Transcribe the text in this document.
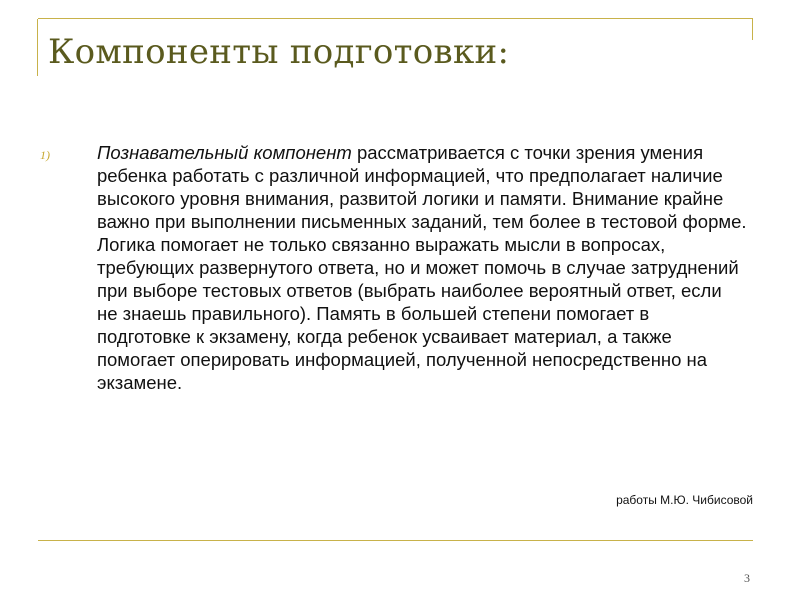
Компоненты подготовки:
1)	Познавательный компонент рассматривается с точки зрения умения ребенка работать с различной информацией, что предполагает наличие высокого уровня внимания, развитой логики и памяти. Внимание крайне важно при выполнении письменных заданий, тем более в тестовой форме. Логика помогает не только связанно выражать мысли в вопросах, требующих развернутого ответа, но и может помочь в случае затруднений при выборе тестовых ответов (выбрать наиболее вероятный ответ, если не знаешь правильного). Память в большей степени помогает в подготовке к экзамену, когда ребенок усваивает материал, а также помогает оперировать информацией, полученной непосредственно на экзамене.

работы М.Ю. Чибисовой
3
